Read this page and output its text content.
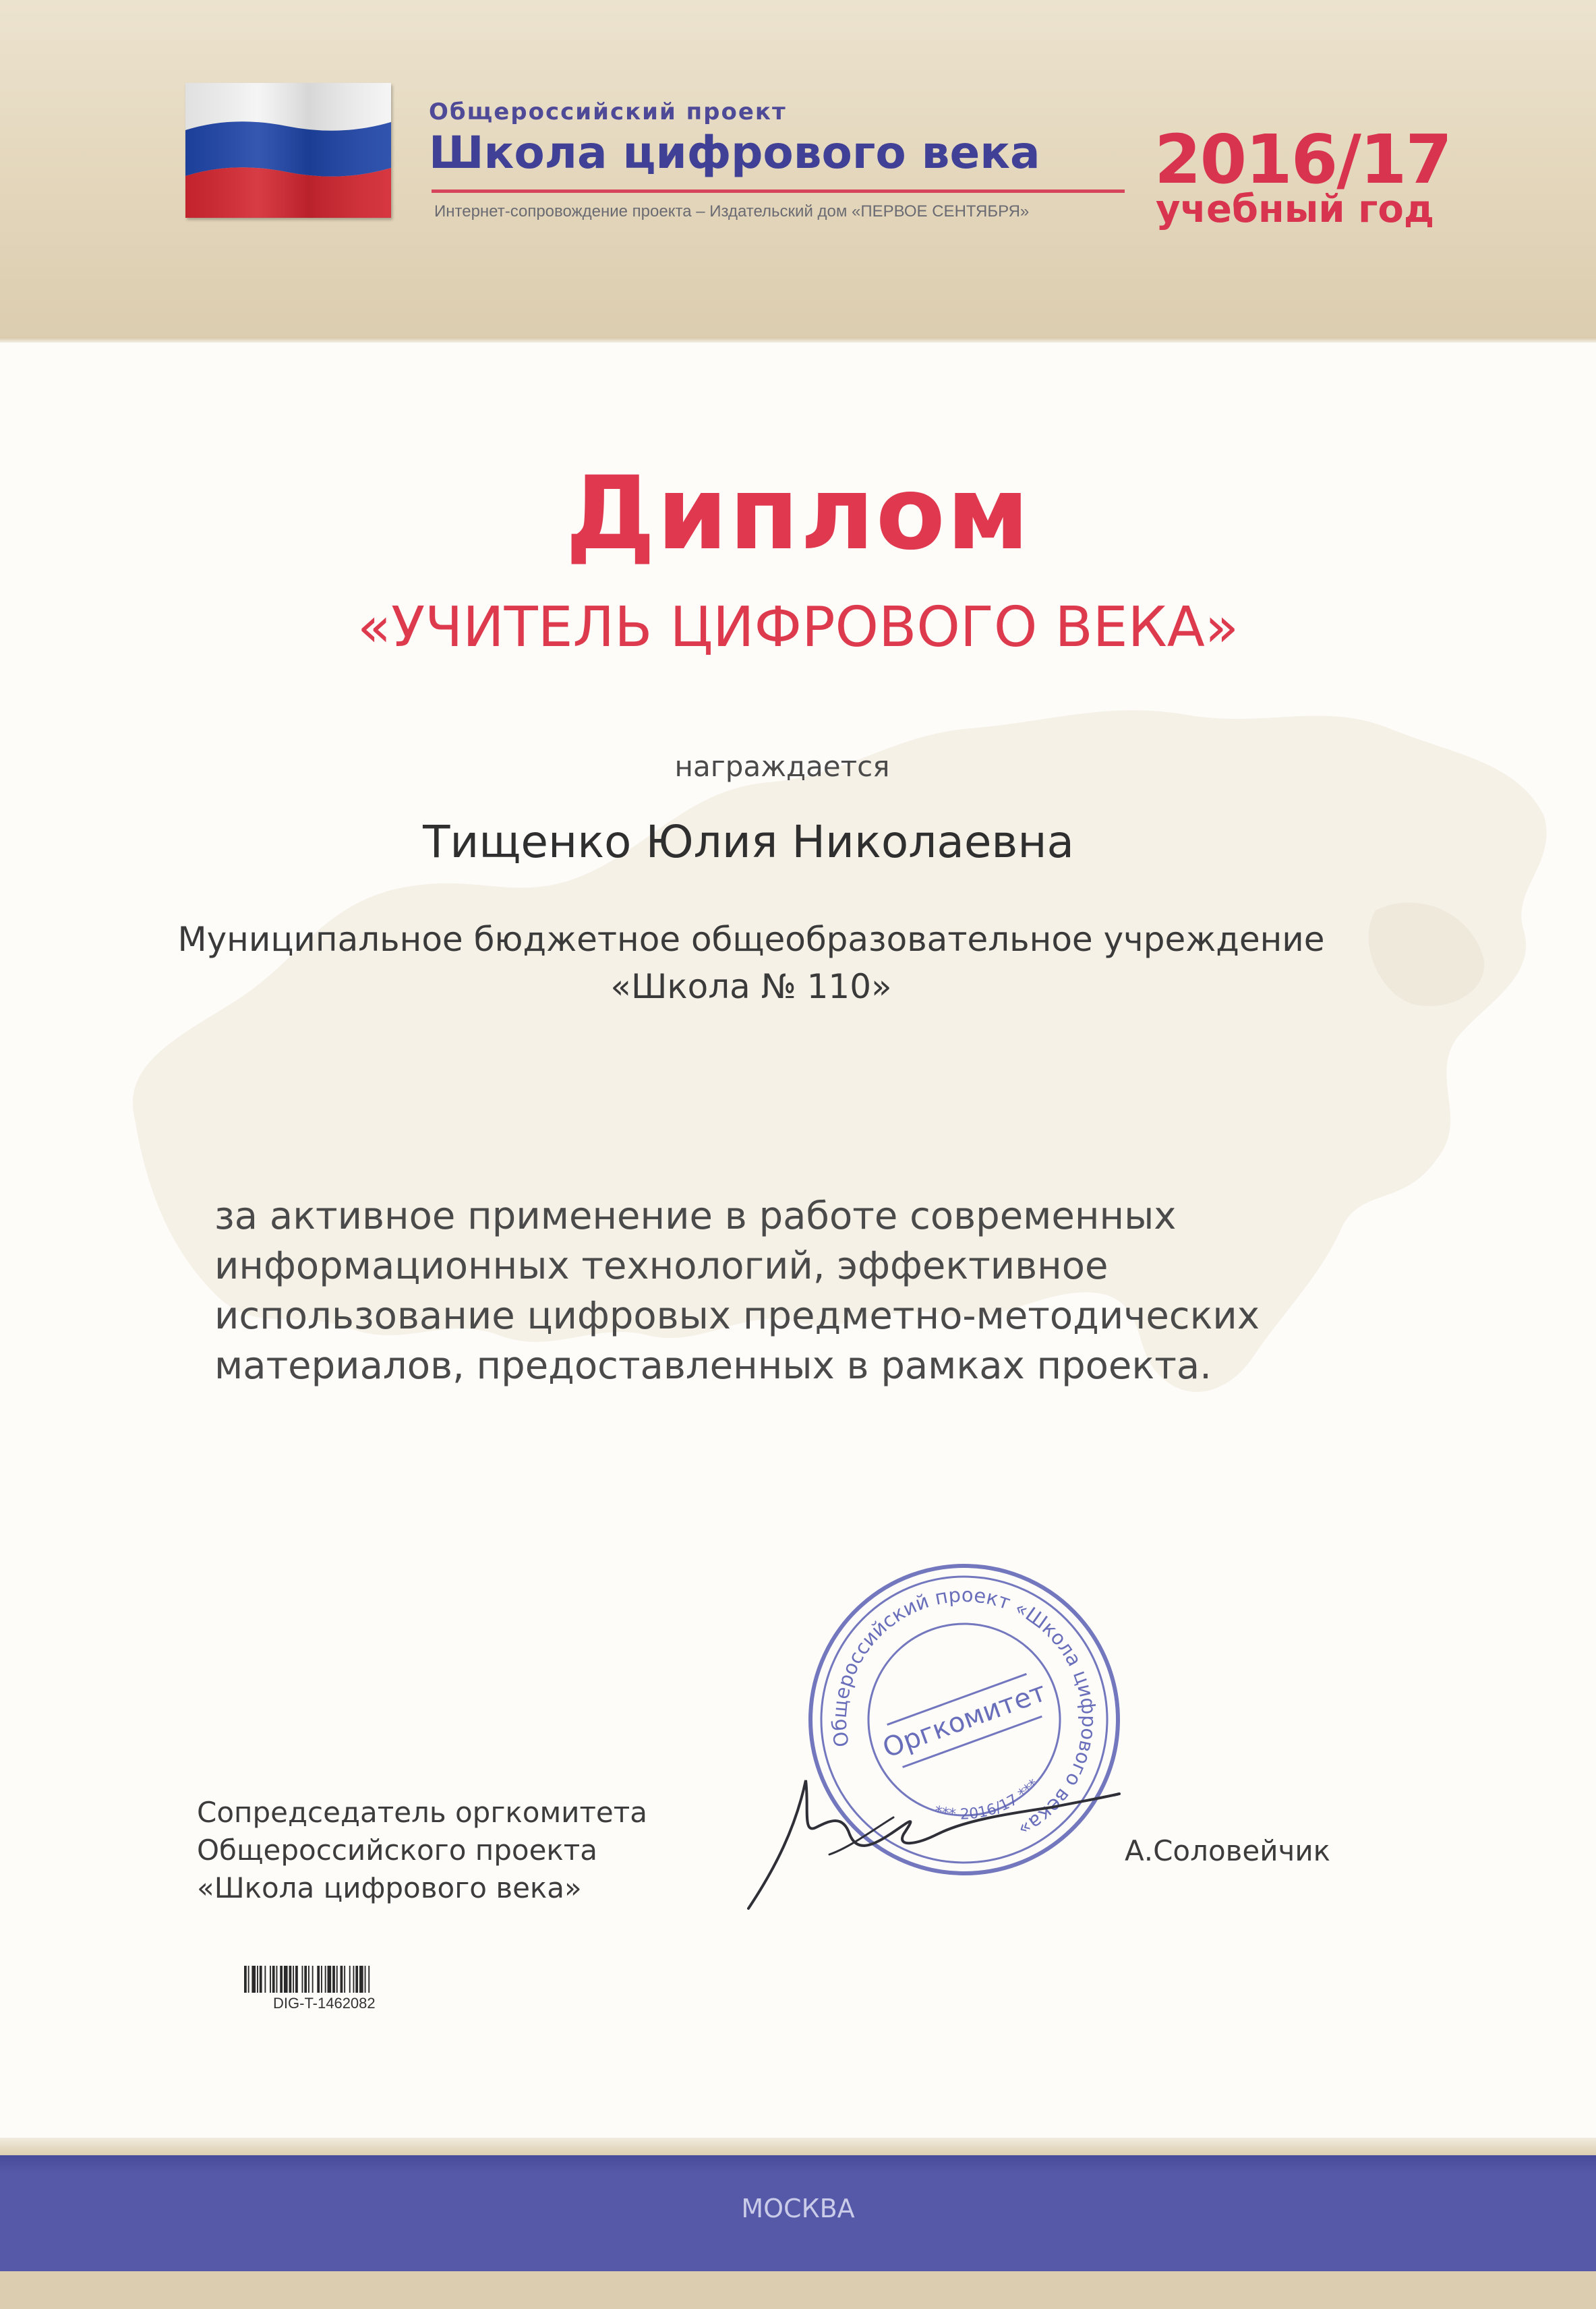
Общероссийский проект
Школа цифрового века
Интернет-сопровождение проекта – Издательский дом «ПЕРВОЕ СЕНТЯБРЯ»
2016/17
учебный год
Диплом
«УЧИТЕЛЬ ЦИФРОВОГО ВЕКА»
награждается
Тищенко Юлия Николаевна
Муниципальное бюджетное общеобразовательное учреждение
«Школа № 110»
за активное применение в работе современных
информационных технологий, эффективное
использование цифровых предметно-методических
материалов, предоставленных в рамках проекта.
Общероссийский проект «Школа цифрового века»
*** 2016/17 ***
Оргкомитет
Сопредседатель оргкомитета
Общероссийского проекта
«Школа цифрового века»
А.Соловейчик
DIG-T-1462082
МОСКВА
